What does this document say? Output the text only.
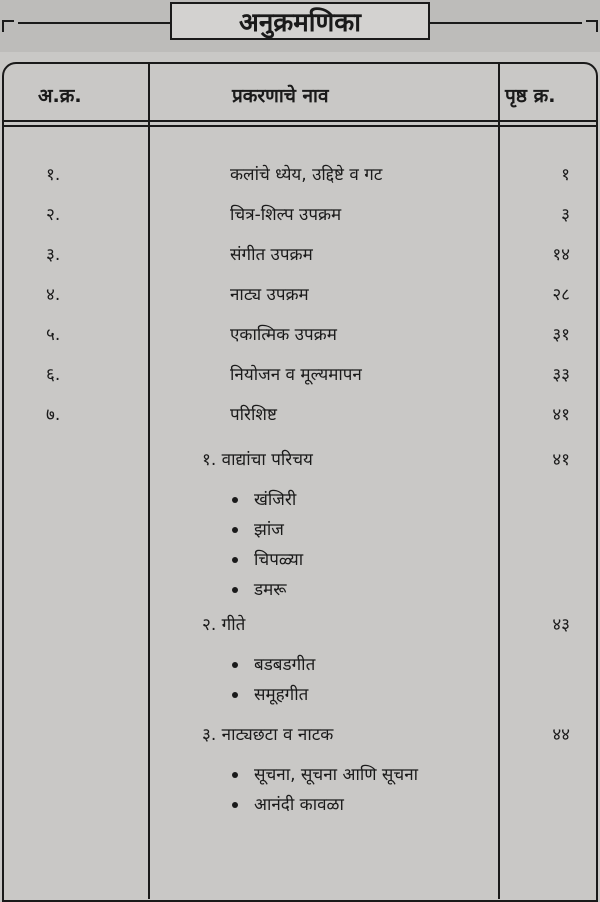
अनुक्रमणिका
अ.क्र.	प्रकरणाचे नाव	पृष्ठ क्र.
१.	कलांचे ध्येय, उद्दिष्टे व गट	१
२.	चित्र-शिल्प उपक्रम	३
३.	संगीत उपक्रम	१४
४.	नाट्य उपक्रम	२८
५.	एकात्मिक उपक्रम	३१
६.	नियोजन व मूल्यमापन	३३
७.	परिशिष्ट	४१
१. वाद्यांचा परिचय	४१
खंजिरी
झांज
चिपळ्या
डमरू
२. गीते	४३
बडबडगीत
समूहगीत
३. नाट्यछटा व नाटक	४४
सूचना, सूचना आणि सूचना
आनंदी कावळा
